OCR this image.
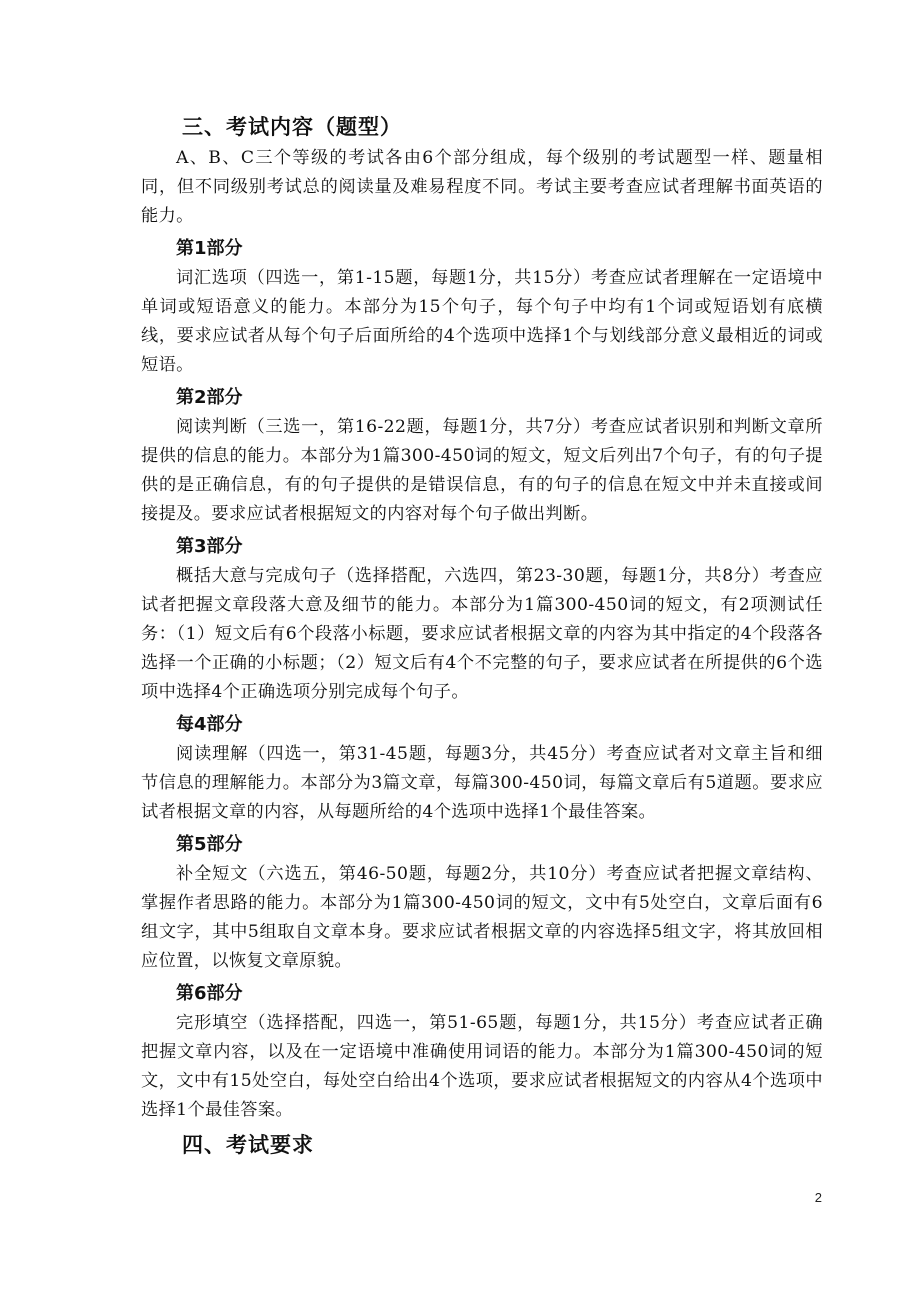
三、考试内容（题型）

A、B、C三个等级的考试各由6个部分组成，每个级别的考试题型一样、题量相同，但不同级别考试总的阅读量及难易程度不同。考试主要考查应试者理解书面英语的能力。

第1部分

词汇选项（四选一，第1-15题，每题1分，共15分）考查应试者理解在一定语境中单词或短语意义的能力。本部分为15个句子，每个句子中均有1个词或短语划有底横线，要求应试者从每个句子后面所给的4个选项中选择1个与划线部分意义最相近的词或短语。

第2部分

阅读判断（三选一，第16-22题，每题1分，共7分）考查应试者识别和判断文章所提供的信息的能力。本部分为1篇300-450词的短文，短文后列出7个句子，有的句子提供的是正确信息，有的句子提供的是错误信息，有的句子的信息在短文中并未直接或间接提及。要求应试者根据短文的内容对每个句子做出判断。

第3部分

概括大意与完成句子（选择搭配，六选四，第23-30题，每题1分，共8分）考查应试者把握文章段落大意及细节的能力。本部分为1篇300-450词的短文，有2项测试任务：（1）短文后有6个段落小标题，要求应试者根据文章的内容为其中指定的4个段落各选择一个正确的小标题；（2）短文后有4个不完整的句子，要求应试者在所提供的6个选项中选择4个正确选项分别完成每个句子。

每4部分

阅读理解（四选一，第31-45题，每题3分，共45分）考查应试者对文章主旨和细节信息的理解能力。本部分为3篇文章，每篇300-450词，每篇文章后有5道题。要求应试者根据文章的内容，从每题所给的4个选项中选择1个最佳答案。

第5部分

补全短文（六选五，第46-50题，每题2分，共10分）考查应试者把握文章结构、掌握作者思路的能力。本部分为1篇300-450词的短文，文中有5处空白，文章后面有6组文字，其中5组取自文章本身。要求应试者根据文章的内容选择5组文字，将其放回相应位置，以恢复文章原貌。

第6部分

完形填空（选择搭配，四选一，第51-65题，每题1分，共15分）考查应试者正确把握文章内容，以及在一定语境中准确使用词语的能力。本部分为1篇300-450词的短文，文中有15处空白，每处空白给出4个选项，要求应试者根据短文的内容从4个选项中选择1个最佳答案。

四、考试要求
2
